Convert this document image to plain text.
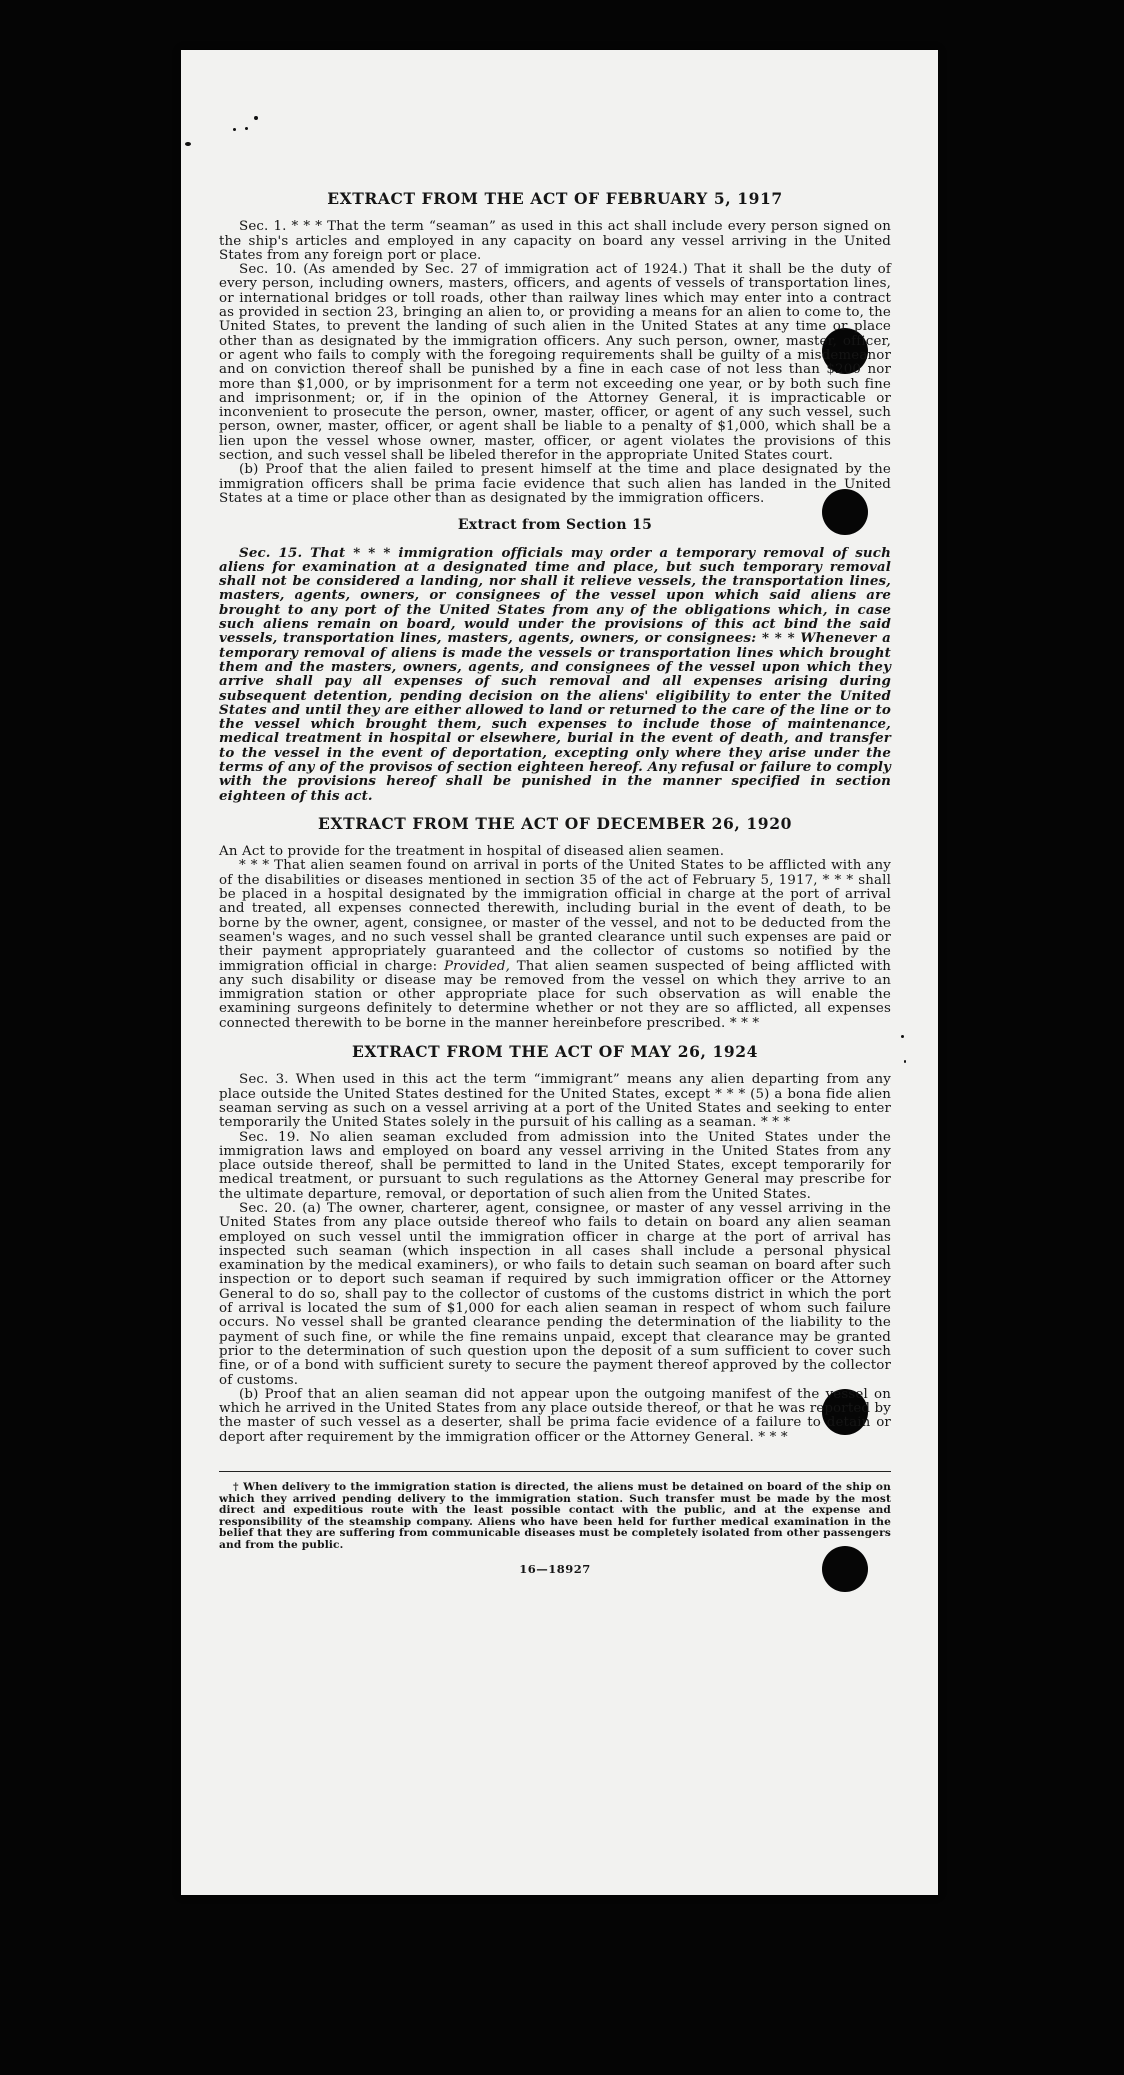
EXTRACT FROM THE ACT OF FEBRUARY 5, 1917

Sec. 1. * * * That the term “seaman” as used in this act shall include every person signed on the ship's articles and employed in any capacity on board any vessel arriving in the United States from any foreign port or place.

Sec. 10. (As amended by Sec. 27 of immigration act of 1924.) That it shall be the duty of every person, including owners, masters, officers, and agents of vessels of transportation lines, or international bridges or toll roads, other than railway lines which may enter into a contract as provided in section 23, bringing an alien to, or providing a means for an alien to come to, the United States, to prevent the landing of such alien in the United States at any time or place other than as designated by the immigration officers. Any such person, owner, master, officer, or agent who fails to comply with the foregoing requirements shall be guilty of a misdemeanor and on conviction thereof shall be punished by a fine in each case of not less than $200 nor more than $1,000, or by imprisonment for a term not exceeding one year, or by both such fine and imprisonment; or, if in the opinion of the Attorney General, it is impracticable or inconvenient to prosecute the person, owner, master, officer, or agent of any such vessel, such person, owner, master, officer, or agent shall be liable to a penalty of $1,000, which shall be a lien upon the vessel whose owner, master, officer, or agent violates the provisions of this section, and such vessel shall be libeled therefor in the appropriate United States court.

(b) Proof that the alien failed to present himself at the time and place designated by the immigration officers shall be prima facie evidence that such alien has landed in the United States at a time or place other than as designated by the immigration officers.

Extract from Section 15

Sec. 15. That * * * immigration officials may order a temporary removal of such aliens for examination at a designated time and place, but such temporary removal shall not be considered a landing, nor shall it relieve vessels, the transportation lines, masters, agents, owners, or consignees of the vessel upon which said aliens are brought to any port of the United States from any of the obligations which, in case such aliens remain on board, would under the provisions of this act bind the said vessels, transportation lines, masters, agents, owners, or consignees: * * * Whenever a temporary removal of aliens is made the vessels or transportation lines which brought them and the masters, owners, agents, and consignees of the vessel upon which they arrive shall pay all expenses of such removal and all expenses arising during subsequent detention, pending decision on the aliens' eligibility to enter the United States and until they are either allowed to land or returned to the care of the line or to the vessel which brought them, such expenses to include those of maintenance, medical treatment in hospital or elsewhere, burial in the event of death, and transfer to the vessel in the event of deportation, excepting only where they arise under the terms of any of the provisos of section eighteen hereof. Any refusal or failure to comply with the provisions hereof shall be punished in the manner specified in section eighteen of this act.

EXTRACT FROM THE ACT OF DECEMBER 26, 1920

An Act to provide for the treatment in hospital of diseased alien seamen.

* * * That alien seamen found on arrival in ports of the United States to be afflicted with any of the disabilities or diseases mentioned in section 35 of the act of February 5, 1917, * * * shall be placed in a hospital designated by the immigration official in charge at the port of arrival and treated, all expenses connected therewith, including burial in the event of death, to be borne by the owner, agent, consignee, or master of the vessel, and not to be deducted from the seamen's wages, and no such vessel shall be granted clearance until such expenses are paid or their payment appropriately guaranteed and the collector of customs so notified by the immigration official in charge: Provided, That alien seamen suspected of being afflicted with any such disability or disease may be removed from the vessel on which they arrive to an immigration station or other appropriate place for such observation as will enable the examining surgeons definitely to determine whether or not they are so afflicted, all expenses connected therewith to be borne in the manner hereinbefore prescribed. * * *

EXTRACT FROM THE ACT OF MAY 26, 1924

Sec. 3. When used in this act the term “immigrant” means any alien departing from any place outside the United States destined for the United States, except * * * (5) a bona fide alien seaman serving as such on a vessel arriving at a port of the United States and seeking to enter temporarily the United States solely in the pursuit of his calling as a seaman. * * *

Sec. 19. No alien seaman excluded from admission into the United States under the immigration laws and employed on board any vessel arriving in the United States from any place outside thereof, shall be permitted to land in the United States, except temporarily for medical treatment, or pursuant to such regulations as the Attorney General may prescribe for the ultimate departure, removal, or deportation of such alien from the United States.

Sec. 20. (a) The owner, charterer, agent, consignee, or master of any vessel arriving in the United States from any place outside thereof who fails to detain on board any alien seaman employed on such vessel until the immigration officer in charge at the port of arrival has inspected such seaman (which inspection in all cases shall include a personal physical examination by the medical examiners), or who fails to detain such seaman on board after such inspection or to deport such seaman if required by such immigration officer or the Attorney General to do so, shall pay to the collector of customs of the customs district in which the port of arrival is located the sum of $1,000 for each alien seaman in respect of whom such failure occurs. No vessel shall be granted clearance pending the determination of the liability to the payment of such fine, or while the fine remains unpaid, except that clearance may be granted prior to the determination of such question upon the deposit of a sum sufficient to cover such fine, or of a bond with sufficient surety to secure the payment thereof approved by the collector of customs.

(b) Proof that an alien seaman did not appear upon the outgoing manifest of the vessel on which he arrived in the United States from any place outside thereof, or that he was reported by the master of such vessel as a deserter, shall be prima facie evidence of a failure to detain or deport after requirement by the immigration officer or the Attorney General. * * *

† When delivery to the immigration station is directed, the aliens must be detained on board of the ship on which they arrived pending delivery to the immigration station. Such transfer must be made by the most direct and expeditious route with the least possible contact with the public, and at the expense and responsibility of the steamship company. Aliens who have been held for further medical examination in the belief that they are suffering from communicable diseases must be completely isolated from other passengers and from the public.

16—18927
